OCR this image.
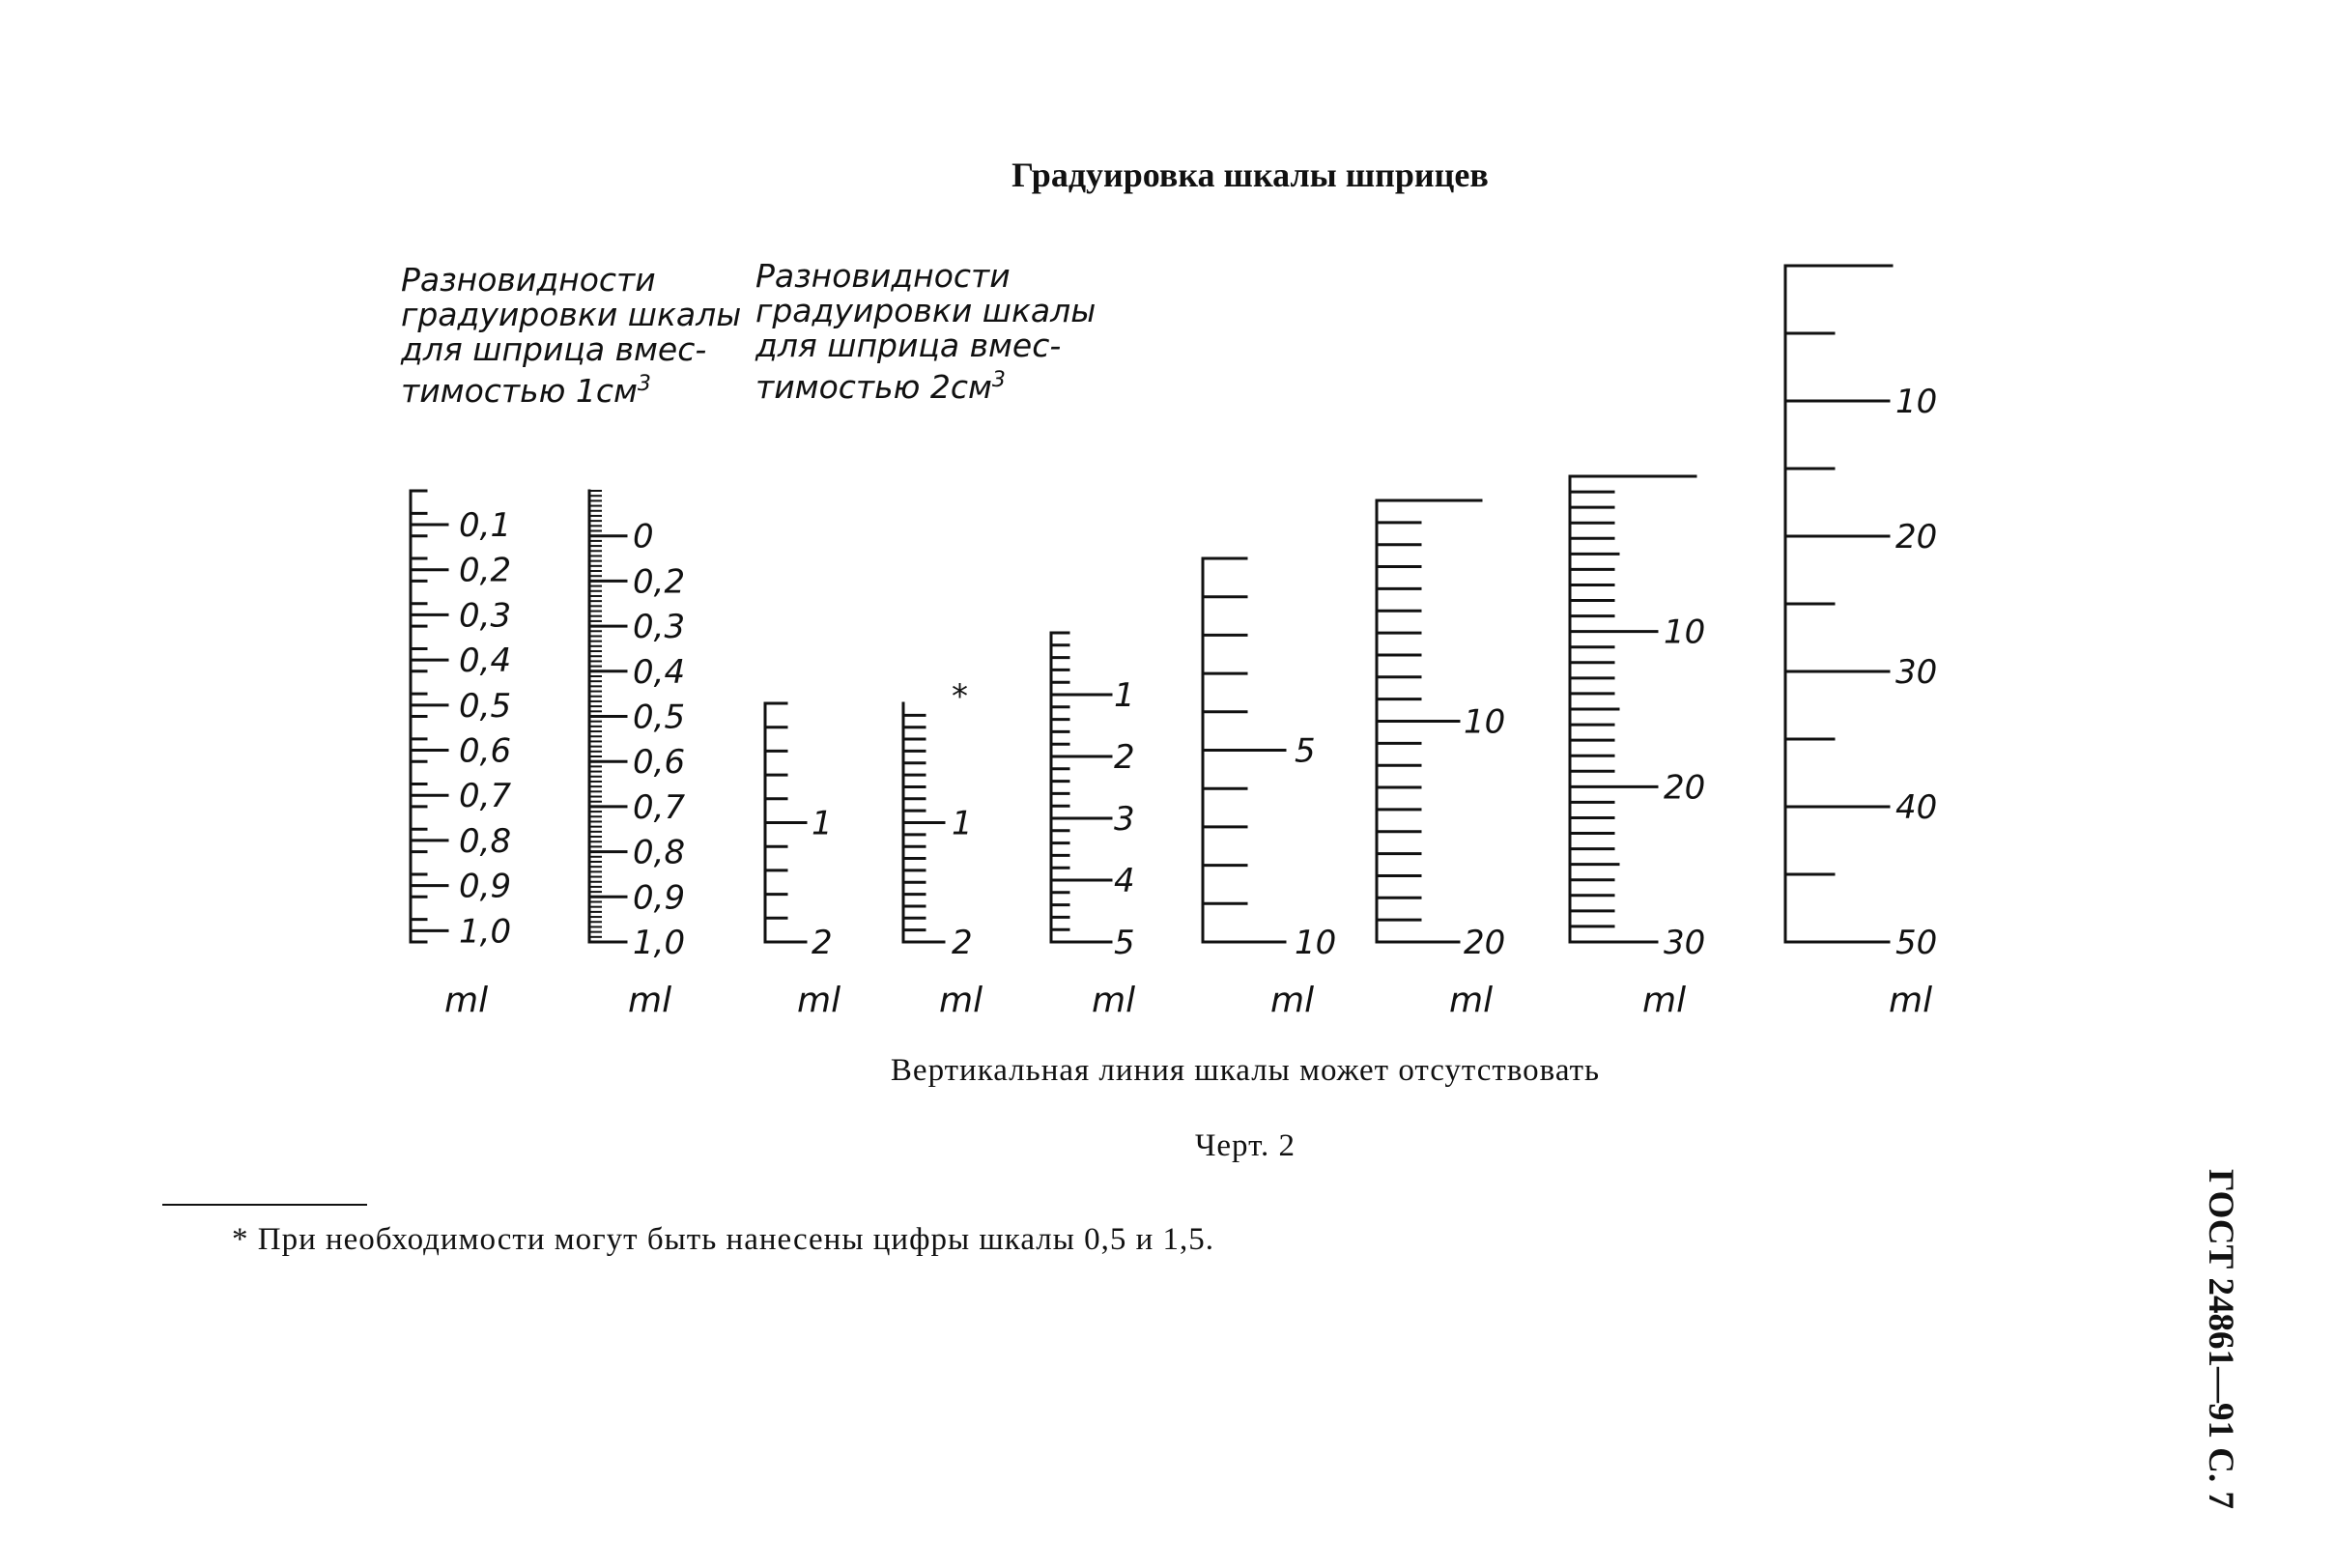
Градуировка шкалы шприцев
Разновидности
градуировки шкалы
для шприца вмес-
тимостью $1см^3$
Разновидности
градуировки шкалы
для шприца вмес-
тимостью $2см^3$
0,1
0,2
0,3
0,4
0,5
0,6
0,7
0,8
0,9
1,0
ml
0
0,2
0,3
0,4
0,5
0,6
0,7
0,8
0,9
1,0
ml
1
2
ml
*
1
2
ml
1
2
3
4
5
ml
5
10
ml
10
20
ml
10
20
30
ml
10
20
30
40
50
ml
Вертикальная линия шкалы может отсутствовать
Черт. 2
* При необходимости могут быть нанесены цифры шкалы 0,5 и 1,5.	ГОСТ 24861—91 С. 7
